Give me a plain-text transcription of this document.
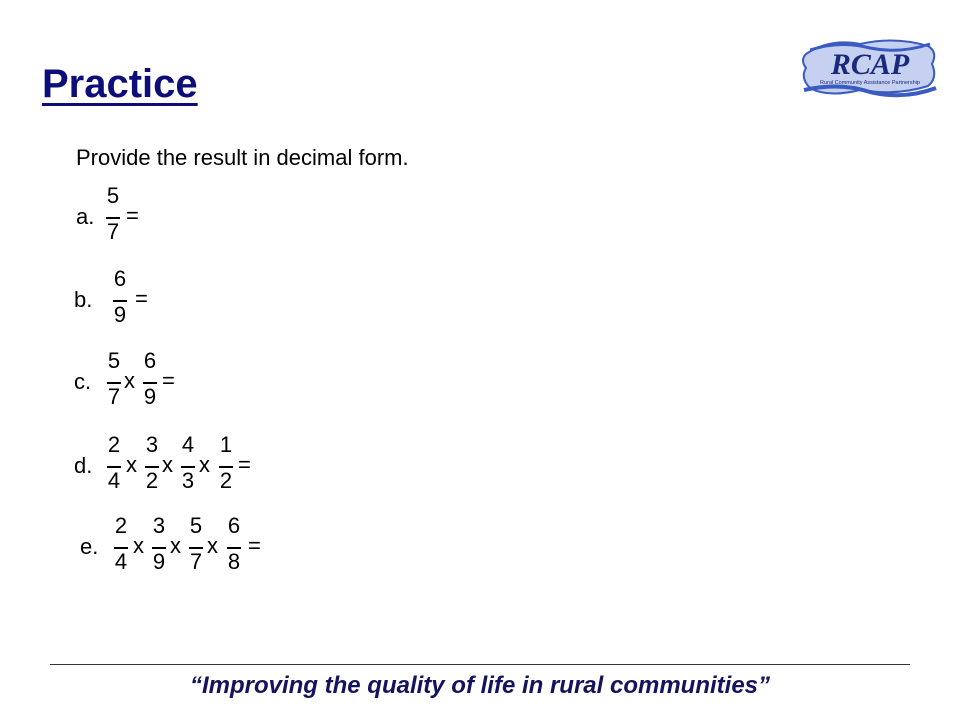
Practice	RCAP
Rural Community Assistance Partnership
Provide the result in decimal form.
a.
5
7
=
b.
6
9
=
c.
5
7
6
9
x =
d.
2
4
3
2
4
3
1
2
x x x =
e.
2
4
3
9
5
7
6
8
x x x =
“Improving the quality of life in rural communities”
